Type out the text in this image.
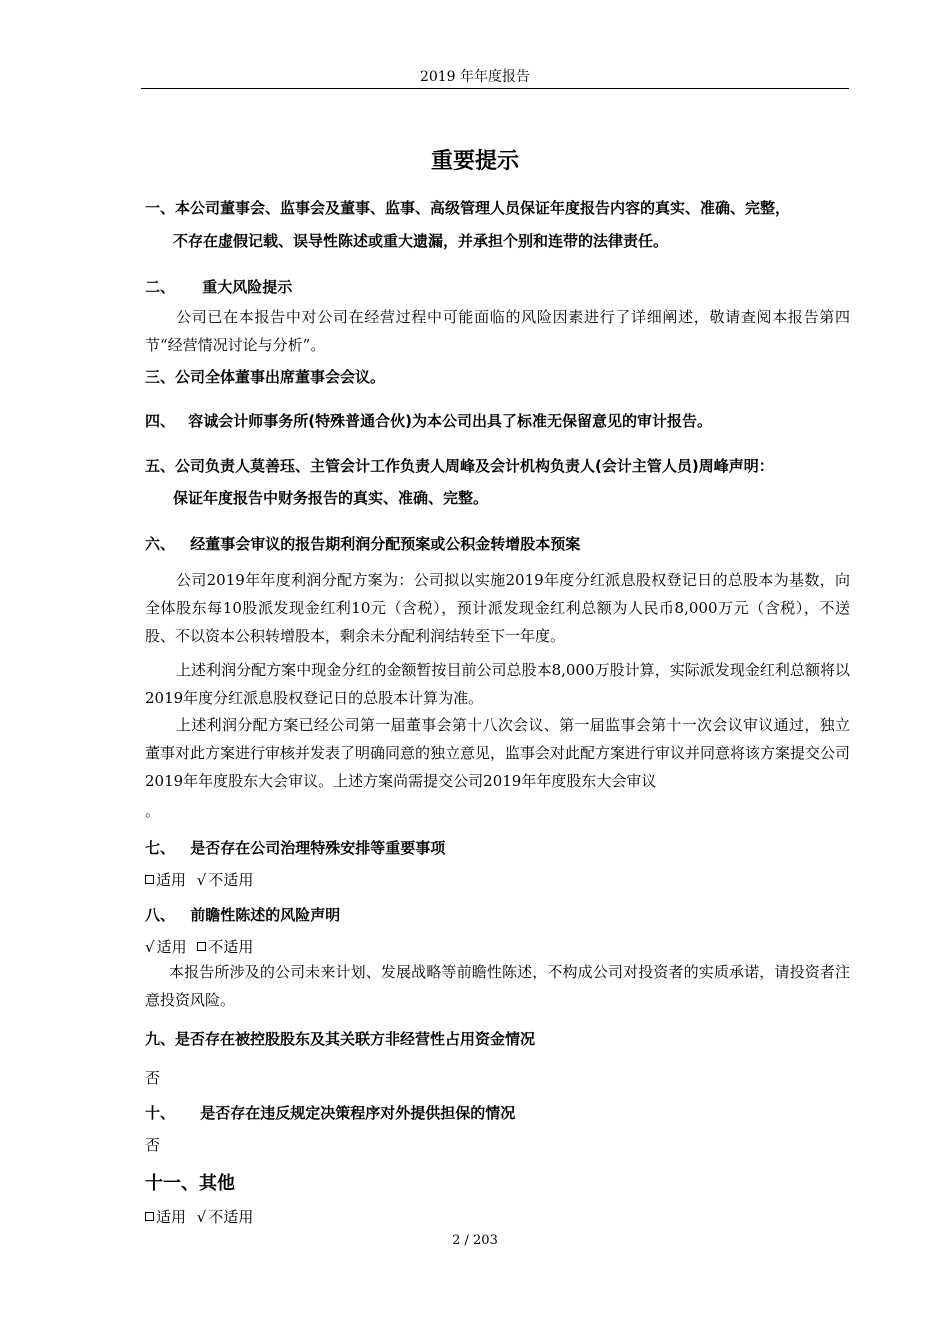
2019 年年度报告
重要提示
一、本公司董事会、监事会及董事、监事、高级管理人员保证年度报告内容的真实、准确、完整，
不存在虚假记载、误导性陈述或重大遗漏，并承担个别和连带的法律责任。
二、 重大风险提示
公司已在本报告中对公司在经营过程中可能面临的风险因素进行了详细阐述，敬请查阅本报告第四节“经营情况讨论与分析”。
三、公司全体董事出席董事会会议。
四、 容诚会计师事务所(特殊普通合伙)为本公司出具了标准无保留意见的审计报告。
五、公司负责人莫善珏、主管会计工作负责人周峰及会计机构负责人(会计主管人员)周峰声明：
保证年度报告中财务报告的真实、准确、完整。
六、 经董事会审议的报告期利润分配预案或公积金转增股本预案
公司2019年年度利润分配方案为：公司拟以实施2019年度分红派息股权登记日的总股本为基数，向全体股东每10股派发现金红利10元（含税），预计派发现金红利总额为人民币8,000万元（含税），不送股、不以资本公积转增股本，剩余未分配利润结转至下一年度。
上述利润分配方案中现金分红的金额暂按目前公司总股本8,000万股计算，实际派发现金红利总额将以2019年度分红派息股权登记日的总股本计算为准。
上述利润分配方案已经公司第一届董事会第十八次会议、第一届监事会第十一次会议审议通过，独立董事对此方案进行审核并发表了明确同意的独立意见，监事会对此配方案进行审议并同意将该方案提交公司2019年年度股东大会审议。上述方案尚需提交公司2019年年度股东大会审议
。
七、 是否存在公司治理特殊安排等重要事项
适用 √ 不适用
八、 前瞻性陈述的风险声明
√ 适用 不适用
本报告所涉及的公司未来计划、发展战略等前瞻性陈述，不构成公司对投资者的实质承诺，请投资者注意投资风险。
九、是否存在被控股股东及其关联方非经营性占用资金情况
否
十、 是否存在违反规定决策程序对外提供担保的情况
否
十一、其他
适用 √ 不适用
2 / 203
